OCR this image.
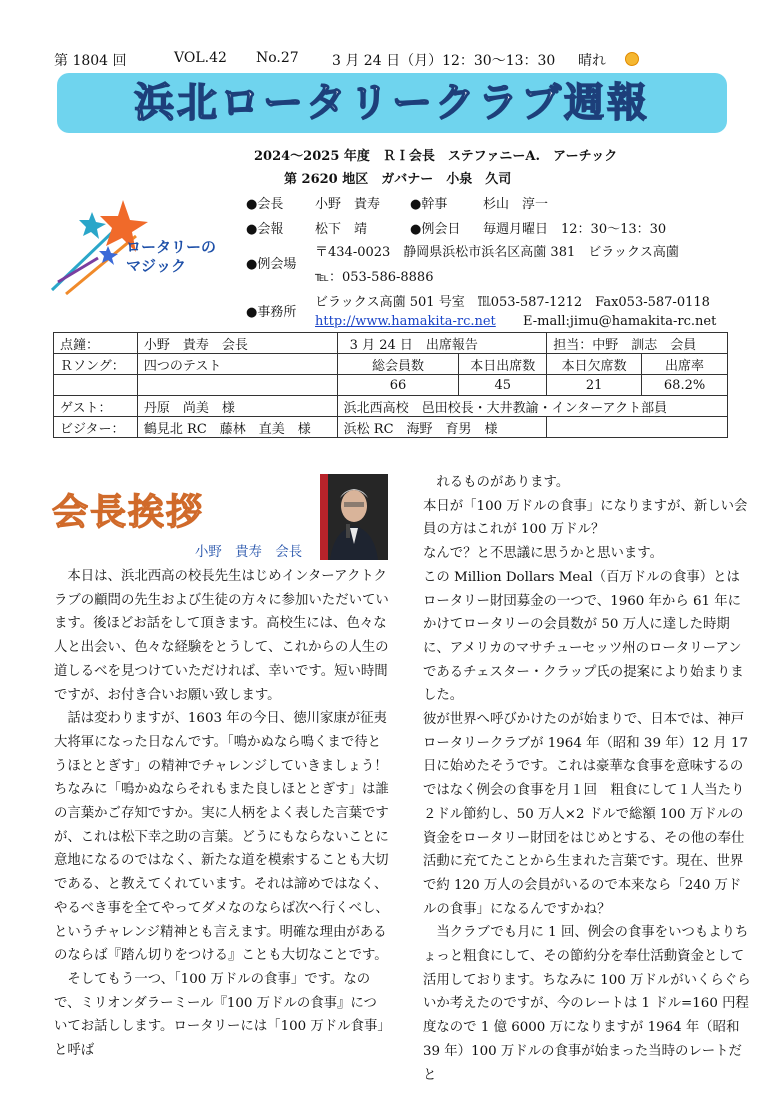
第 1804 回	VOL.42 No.27 3 月 24 日（月）12：30～13：30 晴れ
浜北ロータリークラブ週報
2024～2025 年度　ＲＩ会長　ステファニーA.　アーチック
第 2620 地区　ガバナー　小泉　久司
ロータリーのマジック
●会長 小野　貴寿 ●幹事	杉山　淳一
●会報 松下　靖	●例会日 毎週月曜日　12：30～13：30
●例会場
〒434-0023　静岡県浜松市浜名区高薗 381　ビラックス高薗
℡：053-586-8886
●事務所
ビラックス高薗 501 号室　℡053-587-1212　Fax053-587-0118
http://www.hamakita-rc.net E-mall:jimu@hamakita-rc.net
点鐘：	小野　貴寿　会長	3 月 24 日　出席報告		担当：中野　訓志　会員	
Ｒソング：	四つのテスト	総会員数	本日出席数	本日欠席数	出席率
		66	45	21	68.2%
ゲスト：	丹原　尚美　様	浜北西高校　邑田校長・大井教諭・インターアクト部員			
ビジター：	鶴見北 RC　藤林　直美　様	浜松 RC　海野　育男　様			
会長挨拶
小野　貴寿　会長

本日は、浜北西高の校長先生はじめインターアクトクラブの顧問の先生および生徒の方々に参加いただいています。後ほどお話をして頂きます。高校生には、色々な人と出会い、色々な経験をとうして、これからの人生の道しるべを見つけていただければ、幸いです。短い時間ですが、お付き合いお願い致します。

話は変わりますが、1603 年の今日、徳川家康が征夷大将軍になった日なんです。「鳴かぬなら鳴くまで待とうほととぎす」の精神でチャレンジしていきましょう！ちなみに「鳴かぬならそれもまた良しほととぎす」は誰の言葉かご存知ですか。実に人柄をよく表した言葉ですが、これは松下幸之助の言葉。どうにもならないことに意地になるのではなく、新たな道を模索することも大切である、と教えてくれています。それは諦めではなく、やるべき事を全てやってダメなのならば次へ行くべし、というチャレンジ精神とも言えます。明確な理由があるのならば『踏ん切りをつける』ことも大切なことです。

そしてもう一つ、「100 万ドルの食事」です。なので、ミリオンダラーミール『100 万ドルの食事』についてお話しします。ロータリーには「100 万ドル食事」と呼ば

れるものがあります。

本日が「100 万ドルの食事」になりますが、新しい会員の方はこれが 100 万ドル？

なんで？と不思議に思うかと思います。

この Million Dollars Meal（百万ドルの食事）とはロータリー財団募金の一つで、1960 年から 61 年にかけてロータリーの会員数が 50 万人に達した時期に、アメリカのマサチューセッツ州のロータリーアンであるチェスター・クラップ氏の提案により始まりました。

彼が世界へ呼びかけたのが始まりで、日本では、神戸ロータリークラブが 1964 年（昭和 39 年）12 月 17 日に始めたそうです。これは豪華な食事を意味するのではなく例会の食事を月１回　粗食にして１人当たり２ドル節約し、50 万人×2 ドルで総額 100 万ドルの資金をロータリー財団をはじめとする、その他の奉仕活動に充てたことから生まれた言葉です。現在、世界で約 120 万人の会員がいるので本来なら「240 万ドルの食事」になるんですかね？

当クラブでも月に 1 回、例会の食事をいつもよりちょっと粗食にして、その節約分を奉仕活動資金として活用しております。ちなみに 100 万ドルがいくらぐらいか考えたのですが、今のレートは 1 ドル=160 円程度なので 1 億 6000 万になりますが 1964 年（昭和 39 年）100 万ドルの食事が始まった当時のレートだと
